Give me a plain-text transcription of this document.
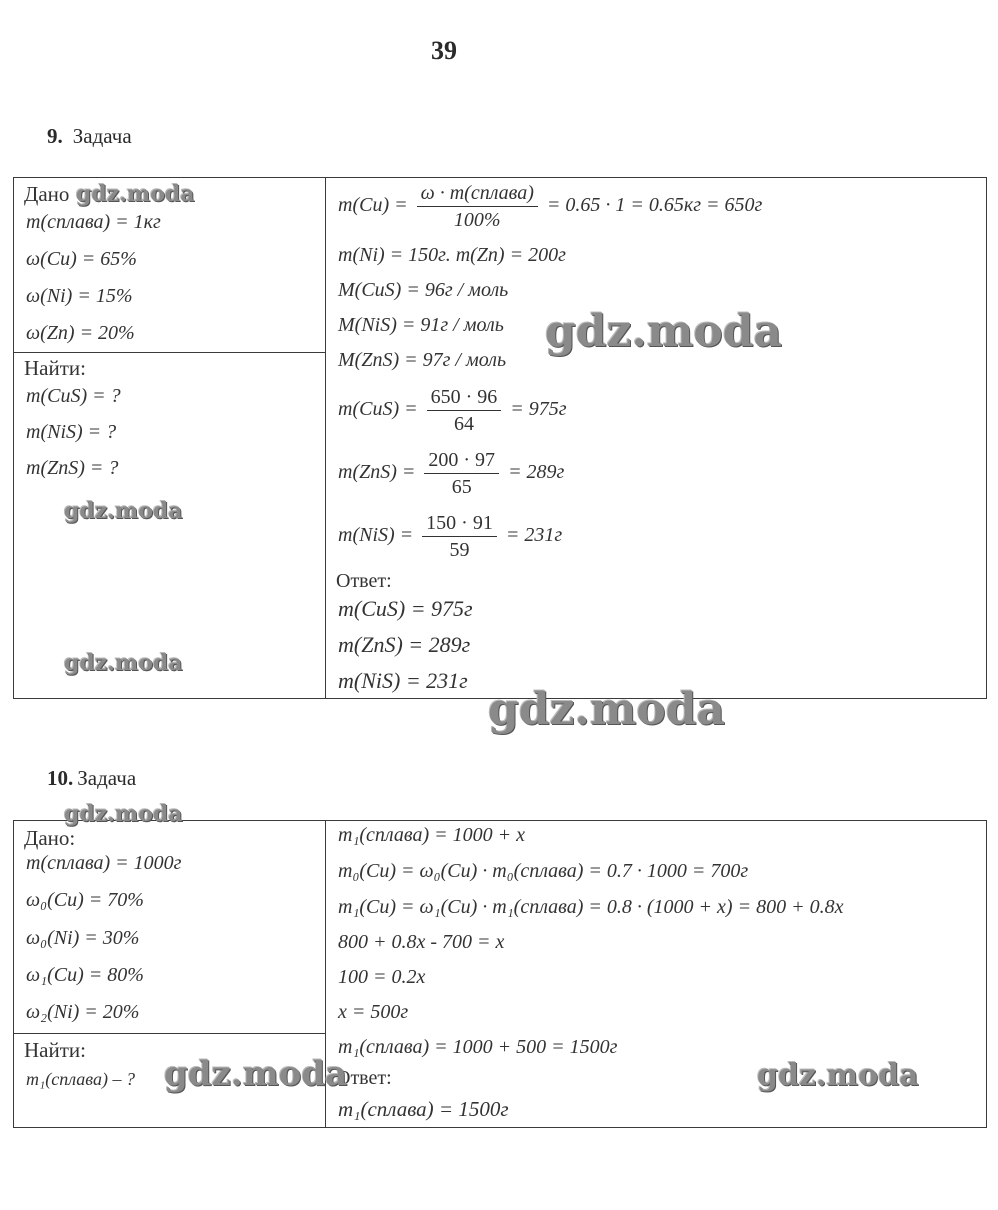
39
9. Задача
Дано
m(сплава) = 1кг
ω(Cu) = 65%
ω(Ni) = 15%
ω(Zn) = 20%
Найти:
m(CuS) = ?
m(NiS) = ?
m(ZnS) = ?
$m(Cu) = \frac{\text{ω · m(сплава)}}{100\%} = 0.65 \cdot 1 = 0.65кг = 650г$
m(Ni) = 150г. m(Zn) = 200г
M(CuS) = 96г / моль
M(NiS) = 91г / моль
M(ZnS) = 97г / моль
$m(CuS) = \frac{650 \cdot 96}{64} = 975г$
$m(ZnS) = \frac{200 \cdot 97}{65} = 289г$
$m(NiS) = \frac{150 \cdot 91}{59} = 231г$
Ответ:
m(CuS) = 975г
m(ZnS) = 289г
m(NiS) = 231г
10. Задача
Дано:
m(сплава) = 1000г
ω₀(Cu) = 70%
ω₀(Ni) = 30%
ω₁(Cu) = 80%
ω₂(Ni) = 20%
Найти:
m₁(сплава) – ?
m₁(сплава) = 1000 + x
m₀(Cu) = ω₀(Cu) · m₀(сплава) = 0.7 · 1000 = 700г
m₁(Cu) = ω₁(Cu) · m₁(сплава) = 0.8 · (1000 + x) = 800 + 0.8x
800 + 0.8x - 700 = x
100 = 0.2x
x = 500г
m₁(сплава) = 1000 + 500 = 1500г
Ответ:
m₁(сплава) = 1500г
gdz.moda
gdz.moda
gdz.moda
gdz.moda
gdz.moda
gdz.moda
gdz.moda	gdz.moda
